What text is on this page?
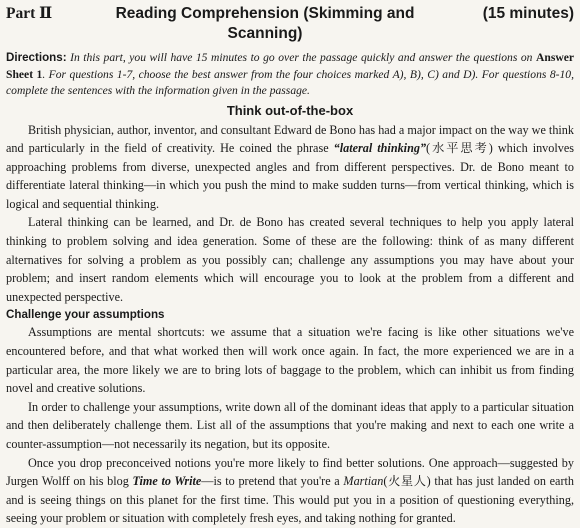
Part Ⅱ	Reading Comprehension (Skimming and Scanning)
(15 minutes)
Directions: In this part, you will have 15 minutes to go over the passage quickly and answer the questions on Answer Sheet 1. For questions 1-7, choose the best answer from the four choices marked A), B), C) and D). For questions 8-10, complete the sentences with the information given in the passage.
Think out-of-the-box

British physician, author, inventor, and consultant Edward de Bono has had a major impact on the way we think and particularly in the field of creativity. He coined the phrase “lateral thinking”(水平思考) which involves approaching problems from diverse, unexpected angles and from different perspectives. Dr. de Bono meant to differentiate lateral thinking—in which you push the mind to make sudden turns—from vertical thinking, which is logical and sequential thinking.

Lateral thinking can be learned, and Dr. de Bono has created several techniques to help you apply lateral thinking to problem solving and idea generation. Some of these are the following: think of as many different alternatives for solving a problem as you possibly can; challenge any assumptions you may have about your problem; and insert random elements which will encourage you to look at the problem from a different and unexpected perspective.

Challenge your assumptions

Assumptions are mental shortcuts: we assume that a situation we're facing is like other situations we've encountered before, and that what worked then will work once again. In fact, the more experienced we are in a particular area, the more likely we are to bring lots of baggage to the problem, which can inhibit us from finding novel and creative solutions.

In order to challenge your assumptions, write down all of the dominant ideas that apply to a particular situation and then deliberately challenge them. List all of the assumptions that you're making and next to each one write a counter-assumption—not necessarily its negation, but its opposite.

Once you drop preconceived notions you're more likely to find better solutions. One approach—suggested by Jurgen Wolff on his blog Time to Write—is to pretend that you're a Martian(火星人) that has just landed on earth and is seeing things on this planet for the first time. This would put you in a position of questioning everything, seeing your problem or situation with completely fresh eyes, and taking nothing for granted.
